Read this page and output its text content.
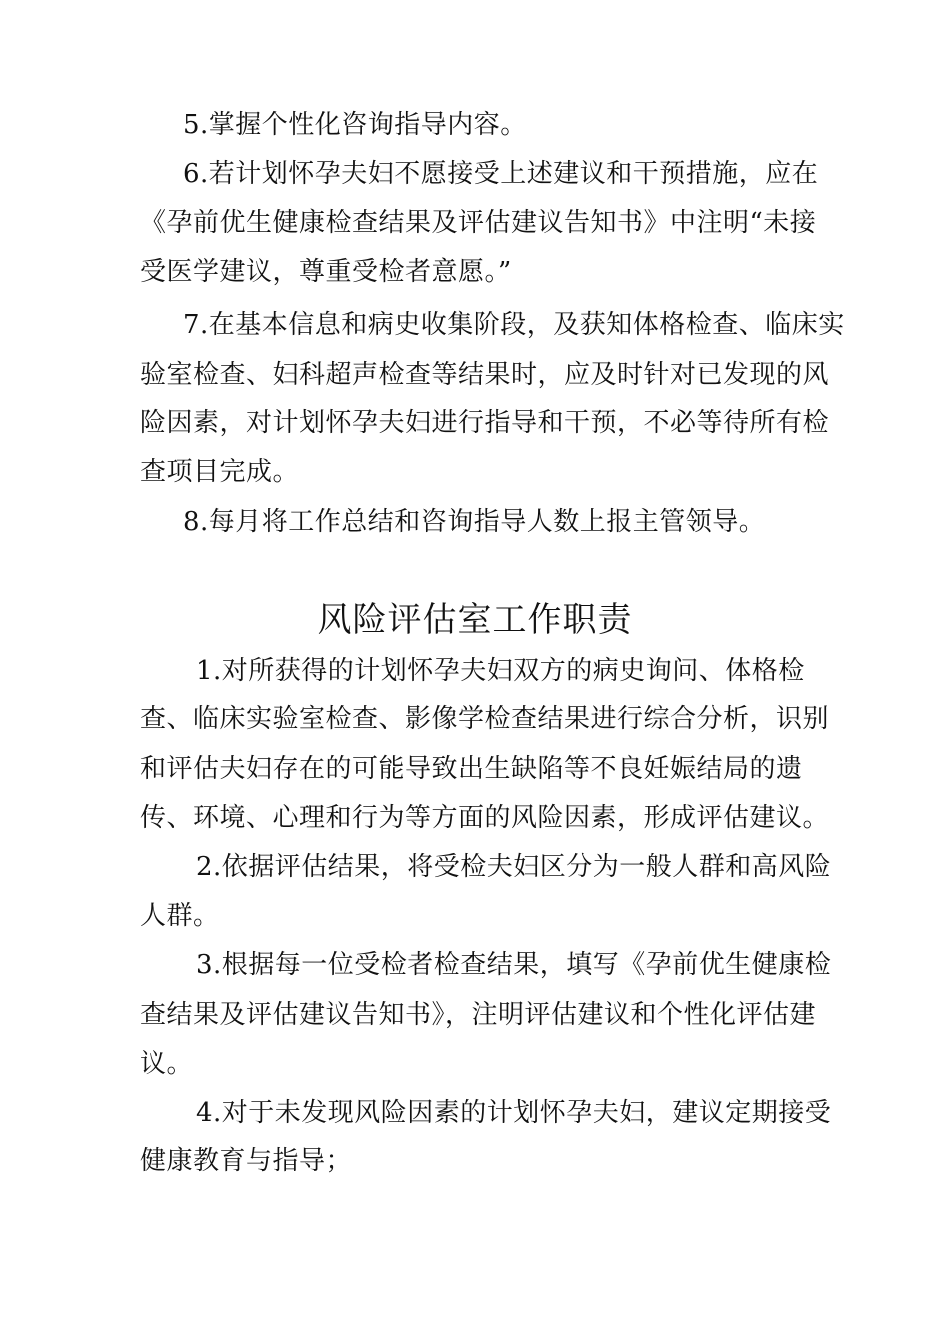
5.掌握个性化咨询指导内容。
6.若计划怀孕夫妇不愿接受上述建议和干预措施，应在
《孕前优生健康检查结果及评估建议告知书》中注明“未接
受医学建议，尊重受检者意愿。”
7.在基本信息和病史收集阶段，及获知体格检查、临床实
验室检查、妇科超声检查等结果时，应及时针对已发现的风
险因素，对计划怀孕夫妇进行指导和干预，不必等待所有检
查项目完成。
8.每月将工作总结和咨询指导人数上报主管领导。
风险评估室工作职责
1.对所获得的计划怀孕夫妇双方的病史询问、体格检
查、临床实验室检查、影像学检查结果进行综合分析，识别
和评估夫妇存在的可能导致出生缺陷等不良妊娠结局的遗
传、环境、心理和行为等方面的风险因素，形成评估建议。
2.依据评估结果，将受检夫妇区分为一般人群和高风险
人群。
3.根据每一位受检者检查结果，填写《孕前优生健康检
查结果及评估建议告知书》，注明评估建议和个性化评估建
议。
4.对于未发现风险因素的计划怀孕夫妇，建议定期接受
健康教育与指导；
